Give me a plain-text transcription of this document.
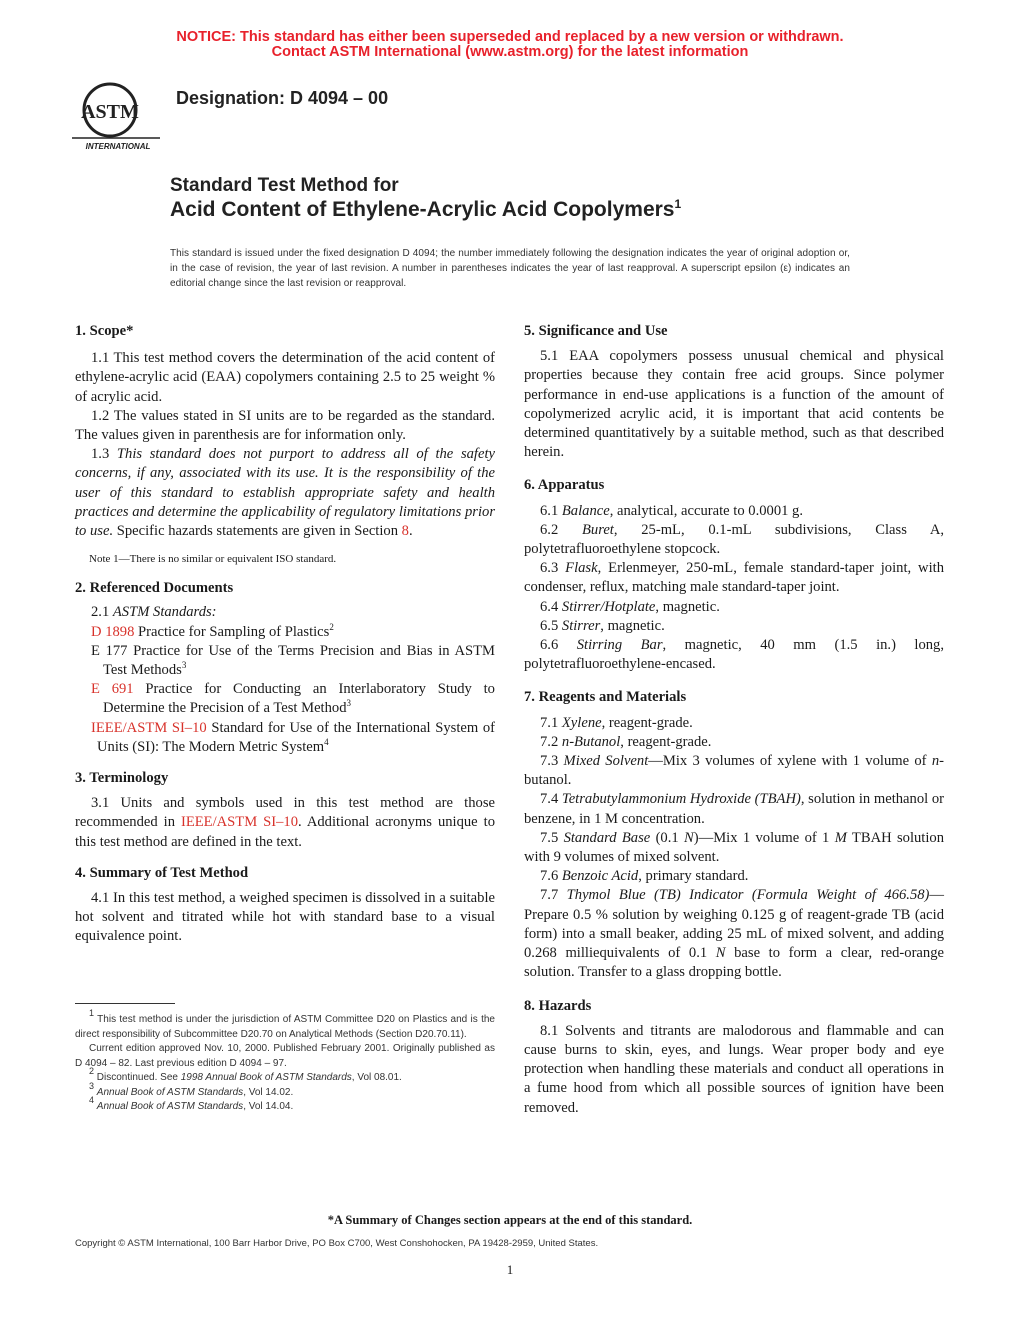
NOTICE: This standard has either been superseded and replaced by a new version or withdrawn.
Contact ASTM International (www.astm.org) for the latest information
ASTM
INTERNATIONAL
Designation: D 4094 – 00
Standard Test Method for
Acid Content of Ethylene-Acrylic Acid Copolymers$^1$
This standard is issued under the fixed designation D 4094; the number immediately following the designation indicates the year of original adoption or, in the case of revision, the year of last revision. A number in parentheses indicates the year of last reapproval. A superscript epsilon (ε) indicates an editorial change since the last revision or reapproval.
1. Scope*

1.1 This test method covers the determination of the acid content of ethylene-acrylic acid (EAA) copolymers containing 2.5 to 25 weight % of acrylic acid.

1.2 The values stated in SI units are to be regarded as the standard. The values given in parenthesis are for information only.

1.3 This standard does not purport to address all of the safety concerns, if any, associated with its use. It is the responsibility of the user of this standard to establish appropriate safety and health practices and determine the applicability of regulatory limitations prior to use. Specific hazards statements are given in Section 8.

Note 1—There is no similar or equivalent ISO standard.

2. Referenced Documents

2.1 ASTM Standards:

D 1898 Practice for Sampling of Plastics$^2$

E 177 Practice for Use of the Terms Precision and Bias in ASTM Test Methods$^3$

E 691 Practice for Conducting an Interlaboratory Study to Determine the Precision of a Test Method$^3$

IEEE/ASTM SI–10 Standard for Use of the International System of Units (SI): The Modern Metric System$^4$

3. Terminology

3.1 Units and symbols used in this test method are those recommended in IEEE/ASTM SI–10. Additional acronyms unique to this test method are defined in the text.

4. Summary of Test Method

4.1 In this test method, a weighed specimen is dissolved in a suitable hot solvent and titrated while hot with standard base to a visual equivalence point.

$^1$ This test method is under the jurisdiction of ASTM Committee D20 on Plastics and is the direct responsibility of Subcommittee D20.70 on Analytical Methods (Section D20.70.11).

Current edition approved Nov. 10, 2000. Published February 2001. Originally published as D 4094 – 82. Last previous edition D 4094 – 97.

$^2$ Discontinued. See 1998 Annual Book of ASTM Standards, Vol 08.01.

$^3$ Annual Book of ASTM Standards, Vol 14.02.

$^4$ Annual Book of ASTM Standards, Vol 14.04.

5. Significance and Use

5.1 EAA copolymers possess unusual chemical and physical properties because they contain free acid groups. Since polymer performance in end-use applications is a function of the amount of copolymerized acrylic acid, it is important that acid contents be determined quantitatively by a suitable method, such as that described herein.

6. Apparatus

6.1 Balance, analytical, accurate to 0.0001 g.

6.2 Buret, 25-mL, 0.1-mL subdivisions, Class A, polytetrafluoroethylene stopcock.

6.3 Flask, Erlenmeyer, 250-mL, female standard-taper joint, with condenser, reflux, matching male standard-taper joint.

6.4 Stirrer/Hotplate, magnetic.

6.5 Stirrer, magnetic.

6.6 Stirring Bar, magnetic, 40 mm (1.5 in.) long, polytetrafluoroethylene-encased.

7. Reagents and Materials

7.1 Xylene, reagent-grade.

7.2 n-Butanol, reagent-grade.

7.3 Mixed Solvent—Mix 3 volumes of xylene with 1 volume of n-butanol.

7.4 Tetrabutylammonium Hydroxide (TBAH), solution in methanol or benzene, in 1 M concentration.

7.5 Standard Base (0.1 N)—Mix 1 volume of 1 M TBAH solution with 9 volumes of mixed solvent.

7.6 Benzoic Acid, primary standard.

7.7 Thymol Blue (TB) Indicator (Formula Weight of 466.58)—Prepare 0.5 % solution by weighing 0.125 g of reagent-grade TB (acid form) into a small beaker, adding 25 mL of mixed solvent, and adding 0.268 milliequivalents of 0.1 N base to form a clear, red-orange solution. Transfer to a glass dropping bottle.

8. Hazards

8.1 Solvents and titrants are malodorous and flammable and can cause burns to skin, eyes, and lungs. Wear proper body and eye protection when handling these materials and conduct all operations in a fume hood from which all possible sources of ignition have been removed.

*A Summary of Changes section appears at the end of this standard.
Copyright © ASTM International, 100 Barr Harbor Drive, PO Box C700, West Conshohocken, PA 19428-2959, United States.
1
